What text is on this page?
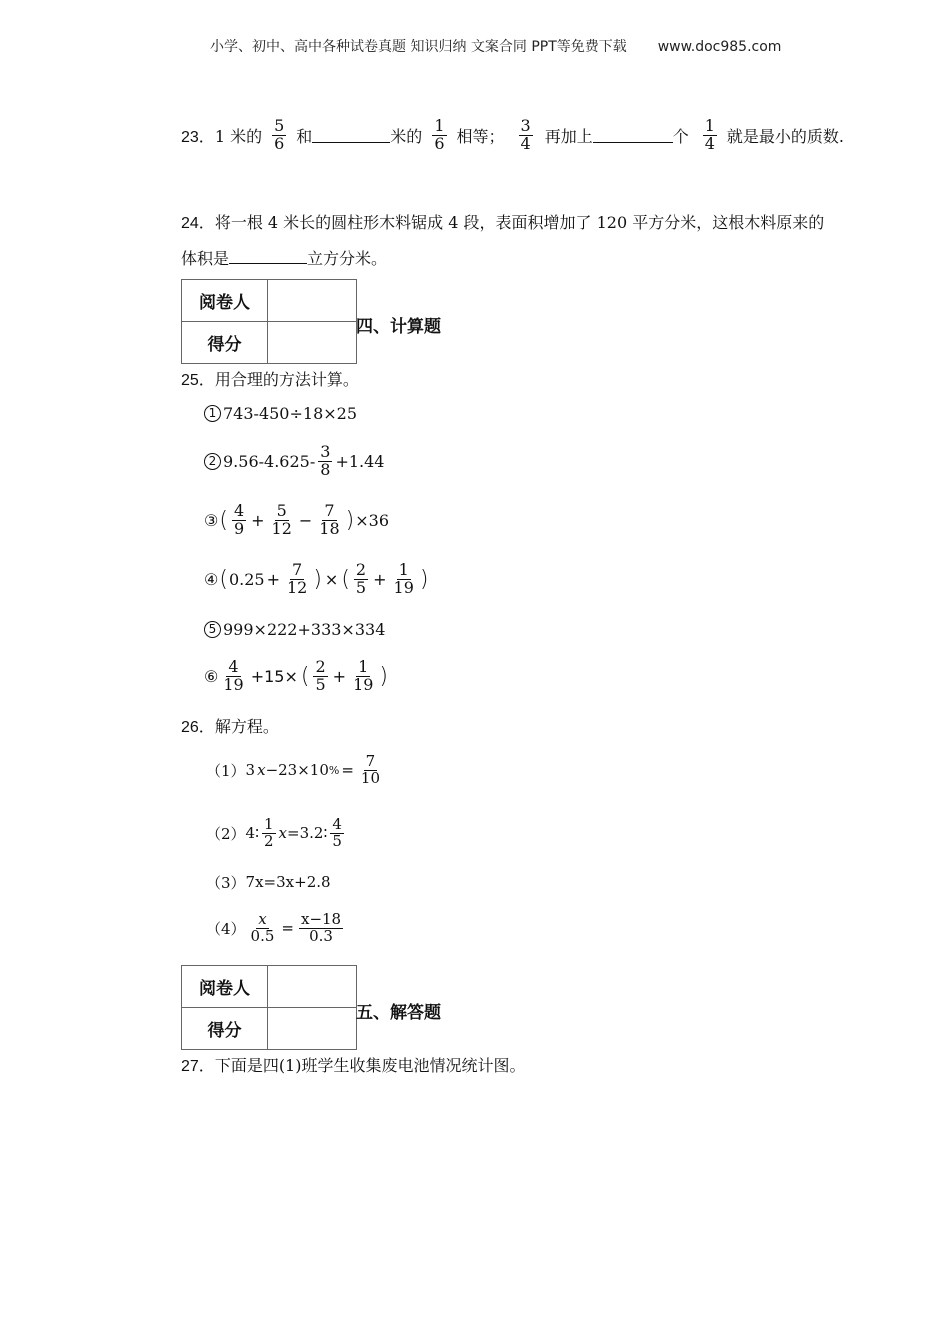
小学、初中、高中各种试卷真题 知识归纳 文案合同 PPT等免费下载 www.doc985.com
23． 1 米的 $\frac{5}{6}$ 和	米的 $\frac{1}{6}$ 相等； $\frac{3}{4}$ 再加上	个 $\frac{1}{4}$ 就是最小的质数.
24．将一根 4 米长的圆柱形木料锯成 4 段，表面积增加了 120 平方分米，这根木料原来的
体积是	立方分米。
阅卷人	
得分	
四、计算题
25．用合理的方法计算。
1 743-450÷18×25
2 $9.56-4.625- \frac{3}{8} +1.44$
③ ( $\frac{4}{9} + \frac{5}{12} - \frac{7}{18}$ ) ×36
④ ( $0.25 + \frac{7}{12}$ ) × ( $\frac{2}{5} + \frac{1}{19}$ )
5 999×222+333×334
⑥ $\frac{4}{19} +15\times$ ( $\frac{2}{5} + \frac{1}{19}$ )
26．解方程。
（1） 3 x −23×10 % = $\frac{7}{10}$
（2） 4∶ $\frac{1}{2}$ x =3.2∶ $\frac{4}{5}$
（3） 7x=3x+2.8
$(4) \frac{x}{0.5} = \frac{x-18}{0.3}$
阅卷人	
得分	
五、解答题
27．下面是四(1)班学生收集废电池情况统计图。
